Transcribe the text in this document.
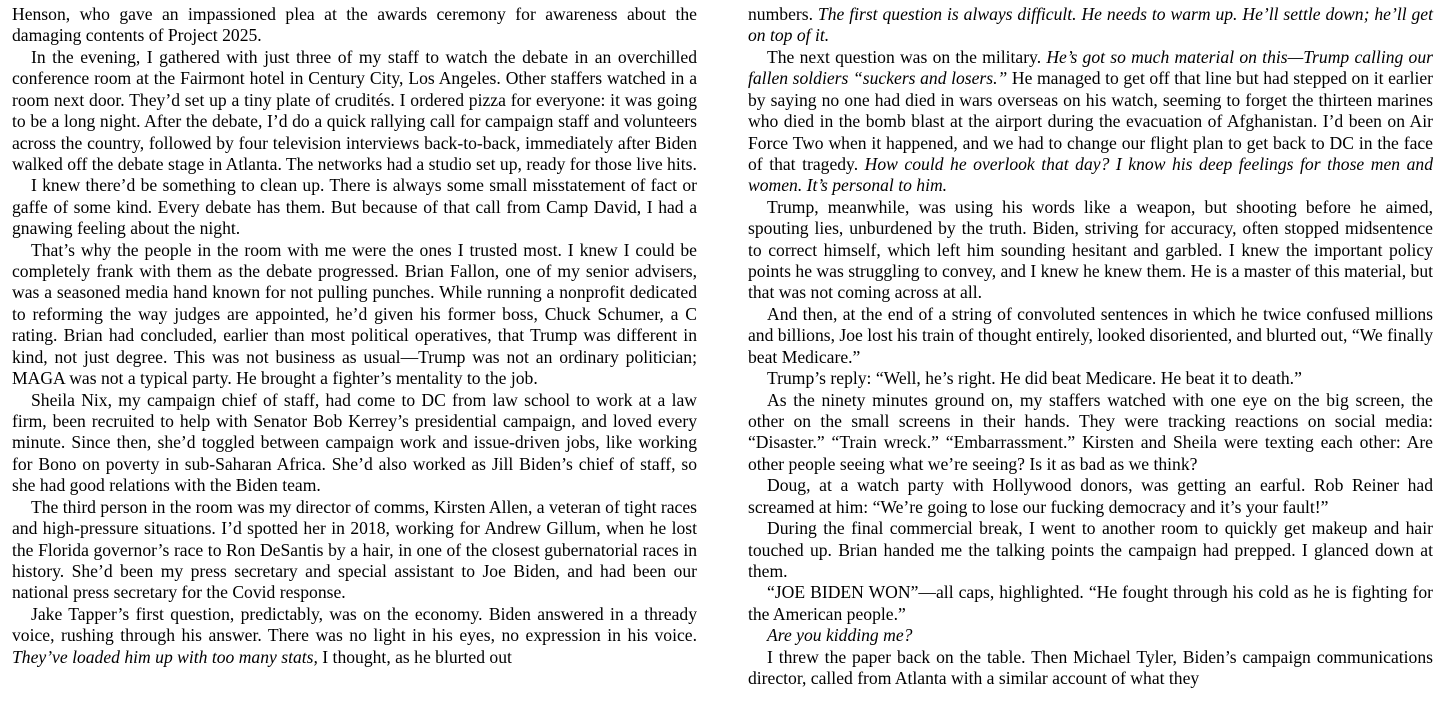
Henson, who gave an impassioned plea at the awards ceremony for awareness about the damaging contents of Project 2025.

In the evening, I gathered with just three of my staff to watch the debate in an overchilled conference room at the Fairmont hotel in Century City, Los Angeles. Other staffers watched in a room next door. They’d set up a tiny plate of crudités. I ordered pizza for everyone: it was going to be a long night. After the debate, I’d do a quick rallying call for campaign staff and volunteers across the country, followed by four television interviews back-to-back, immediately after Biden walked off the debate stage in Atlanta. The networks had a studio set up, ready for those live hits.

I knew there’d be something to clean up. There is always some small misstatement of fact or gaffe of some kind. Every debate has them. But because of that call from Camp David, I had a gnawing feeling about the night.

That’s why the people in the room with me were the ones I trusted most. I knew I could be completely frank with them as the debate progressed. Brian Fallon, one of my senior advisers, was a seasoned media hand known for not pulling punches. While running a nonprofit dedicated to reforming the way judges are appointed, he’d given his former boss, Chuck Schumer, a C rating. Brian had concluded, earlier than most political operatives, that Trump was different in kind, not just degree. This was not business as usual—Trump was not an ordinary politician; MAGA was not a typical party. He brought a fighter’s mentality to the job.

Sheila Nix, my campaign chief of staff, had come to DC from law school to work at a law firm, been recruited to help with Senator Bob Kerrey’s presidential campaign, and loved every minute. Since then, she’d toggled between campaign work and issue-driven jobs, like working for Bono on poverty in sub-Saharan Africa. She’d also worked as Jill Biden’s chief of staff, so she had good relations with the Biden team.

The third person in the room was my director of comms, Kirsten Allen, a veteran of tight races and high-pressure situations. I’d spotted her in 2018, working for Andrew Gillum, when he lost the Florida governor’s race to Ron DeSantis by a hair, in one of the closest gubernatorial races in history. She’d been my press secretary and special assistant to Joe Biden, and had been our national press secretary for the Covid response.

Jake Tapper’s first question, predictably, was on the economy. Biden answered in a thready voice, rushing through his answer. There was no light in his eyes, no expression in his voice. They’ve loaded him up with too many stats, I thought, as he blurted out

numbers. The first question is always difficult. He needs to warm up. He’ll settle down; he’ll get on top of it.

The next question was on the military. He’s got so much material on this—Trump calling our fallen soldiers “suckers and losers.” He managed to get off that line but had stepped on it earlier by saying no one had died in wars overseas on his watch, seeming to forget the thirteen marines who died in the bomb blast at the airport during the evacuation of Afghanistan. I’d been on Air Force Two when it happened, and we had to change our flight plan to get back to DC in the face of that tragedy. How could he overlook that day? I know his deep feelings for those men and women. It’s personal to him.

Trump, meanwhile, was using his words like a weapon, but shooting before he aimed, spouting lies, unburdened by the truth. Biden, striving for accuracy, often stopped midsentence to correct himself, which left him sounding hesitant and garbled. I knew the important policy points he was struggling to convey, and I knew he knew them. He is a master of this material, but that was not coming across at all.

And then, at the end of a string of convoluted sentences in which he twice confused millions and billions, Joe lost his train of thought entirely, looked disoriented, and blurted out, “We finally beat Medicare.”

Trump’s reply: “Well, he’s right. He did beat Medicare. He beat it to death.”

As the ninety minutes ground on, my staffers watched with one eye on the big screen, the other on the small screens in their hands. They were tracking reactions on social media: “Disaster.” “Train wreck.” “Embarrassment.” Kirsten and Sheila were texting each other: Are other people seeing what we’re seeing? Is it as bad as we think?

Doug, at a watch party with Hollywood donors, was getting an earful. Rob Reiner had screamed at him: “We’re going to lose our fucking democracy and it’s your fault!”

During the final commercial break, I went to another room to quickly get makeup and hair touched up. Brian handed me the talking points the campaign had prepped. I glanced down at them.

“JOE BIDEN WON”—all caps, highlighted. “He fought through his cold as he is fighting for the American people.”

Are you kidding me?

I threw the paper back on the table. Then Michael Tyler, Biden’s campaign communications director, called from Atlanta with a similar account of what they
